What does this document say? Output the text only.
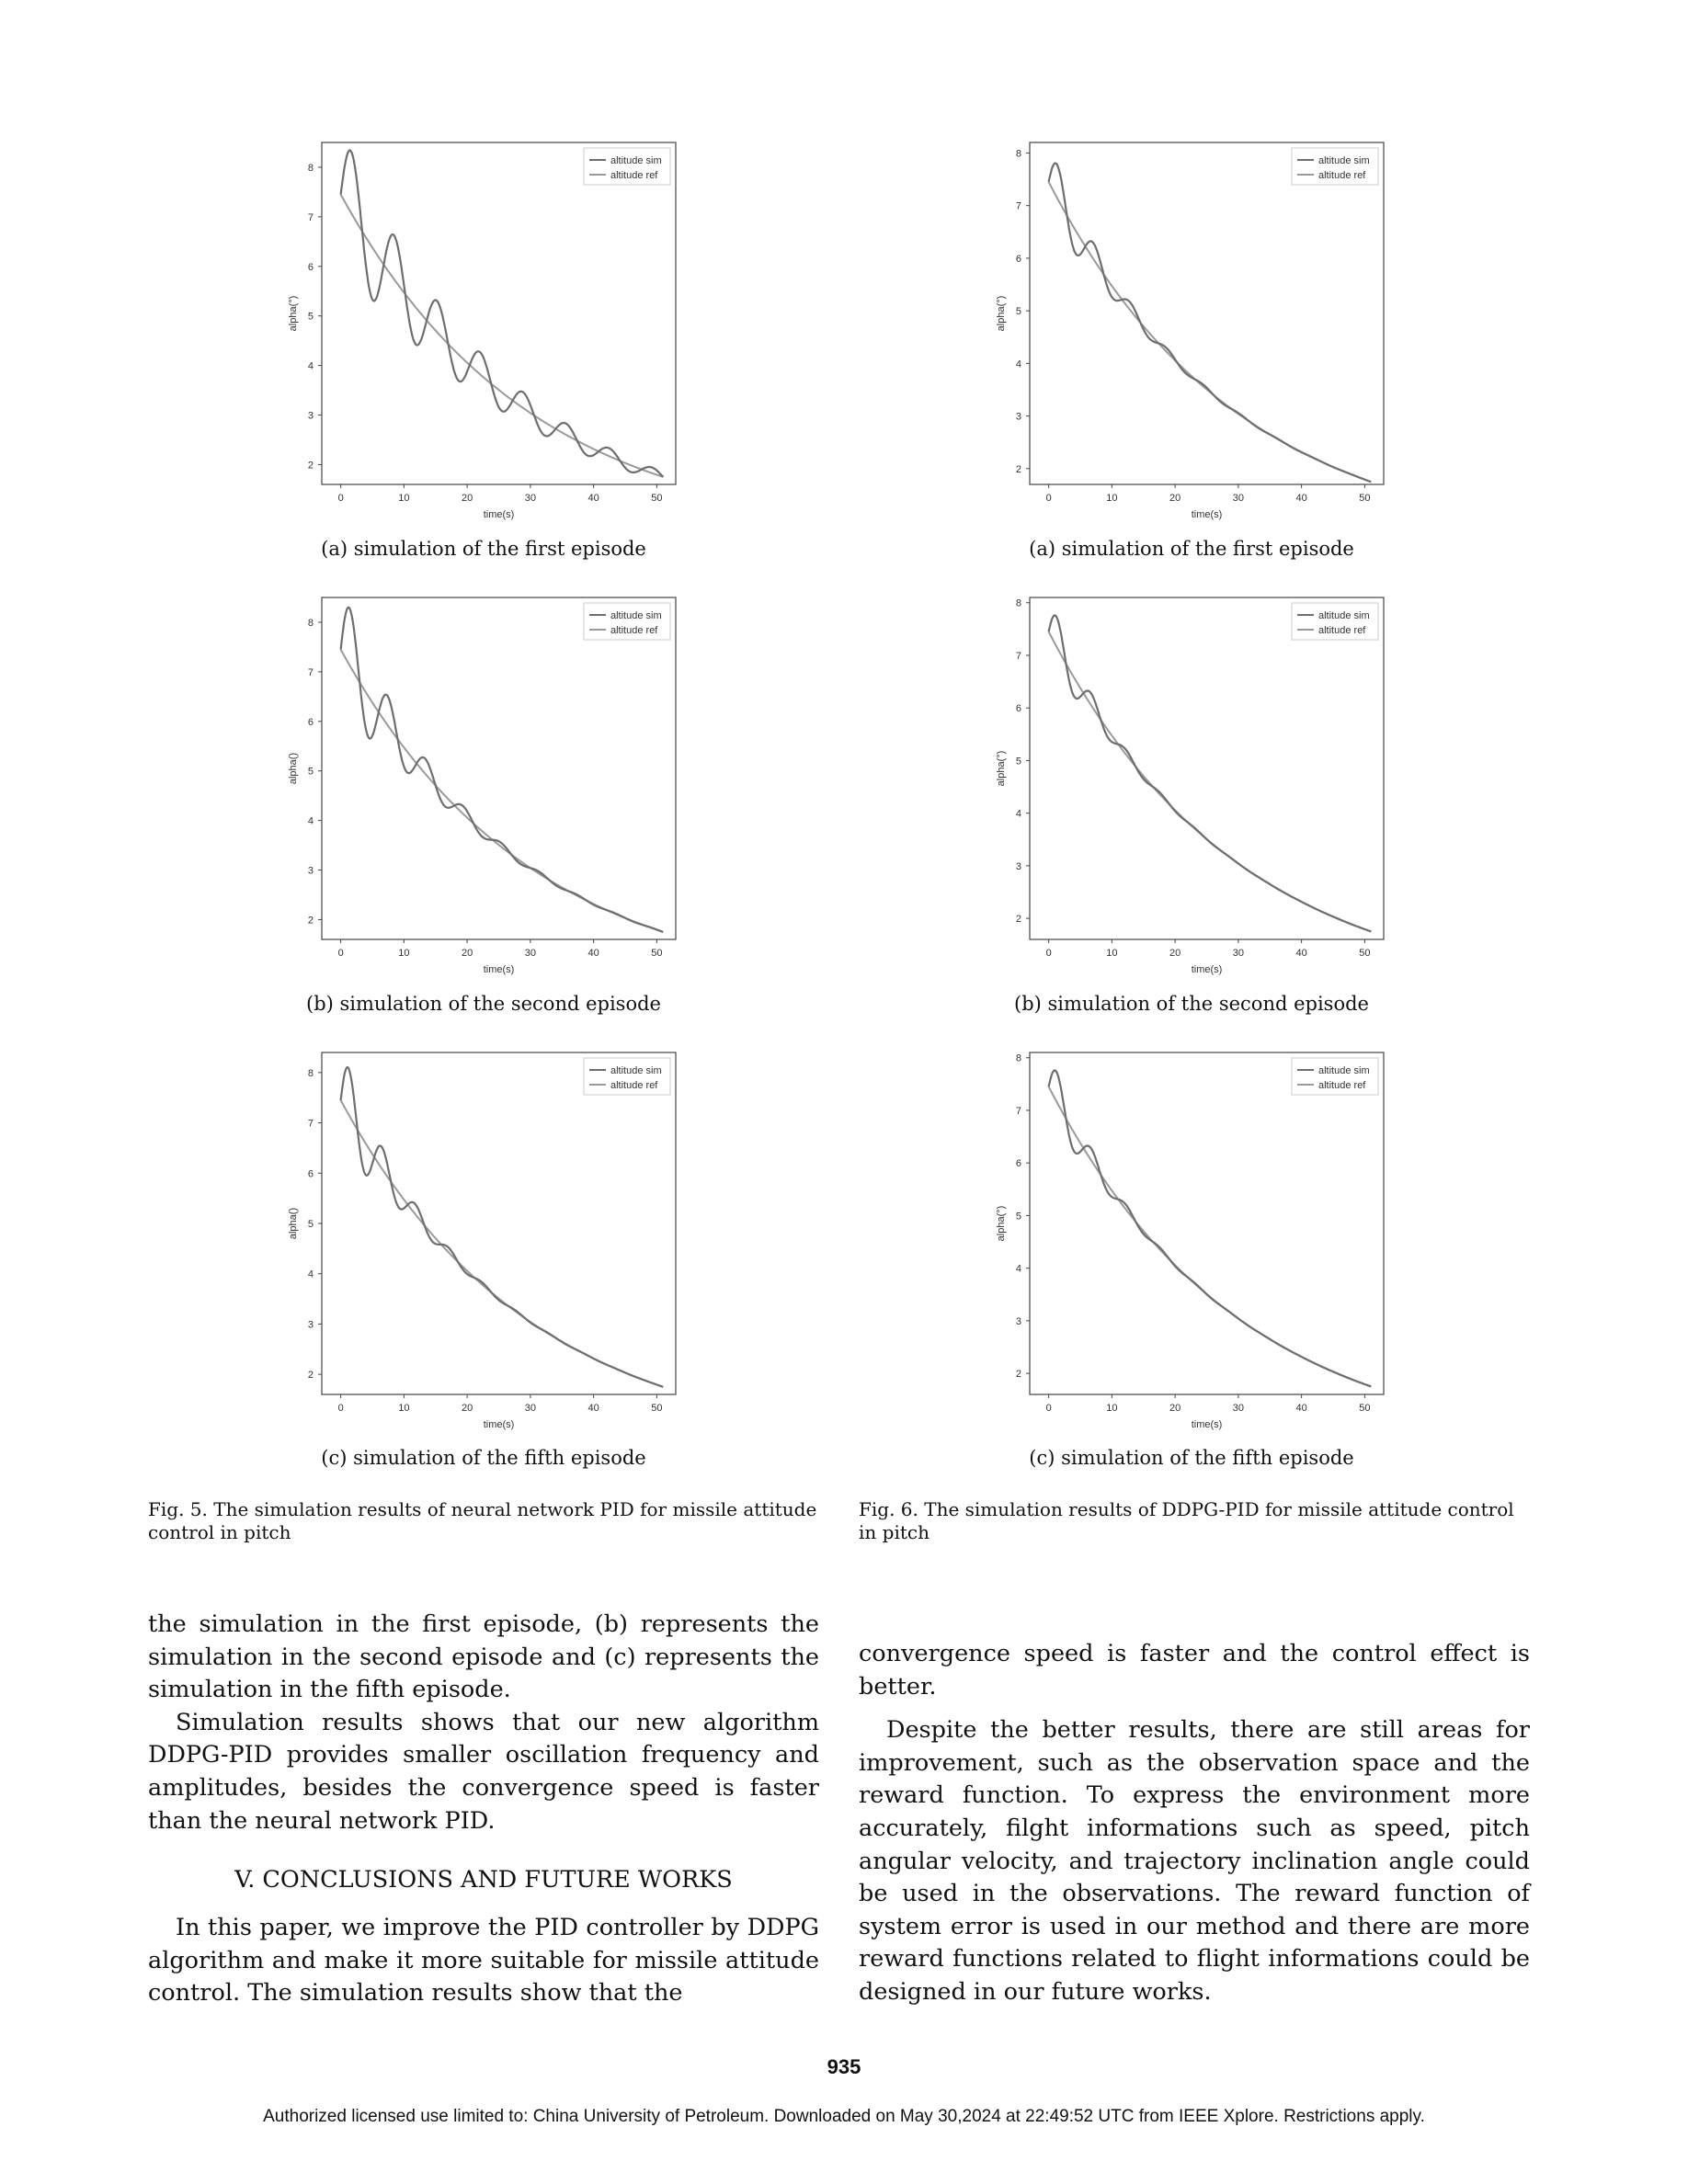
0	10	20	30	40	50
2
3
4
5
6
7
8
time(s)
alpha(°)
altitude sim
altitude ref
0	10	20	30	40	50
2
3
4
5
6
7
8
time(s)
alpha()
altitude sim
altitude ref
0	10	20	30	40	50
2
3
4
5
6
7
8
time(s)
alpha()
altitude sim
altitude ref
0	10	20	30	40	50
2
3
4
5
6
7
8
time(s)
alpha(°)
altitude sim
altitude ref
0	10	20	30	40	50
2
3
4
5
6
7
8
time(s)
alpha(°)
altitude sim
altitude ref
0	10	20	30	40	50
2
3
4
5
6
7
8
time(s)
alpha(°)
altitude sim
altitude ref
(a) simulation of the first episode
(b) simulation of the second episode
(c) simulation of the fifth episode
(a) simulation of the first episode
(b) simulation of the second episode
(c) simulation of the fifth episode
Fig. 5. The simulation results of neural network PID for missile attitude control in pitch
Fig. 6. The simulation results of DDPG-PID for missile attitude control in pitch

the simulation in the first episode, (b) represents the simulation in the second episode and (c) represents the simulation in the fifth episode.

Simulation results shows that our new algorithm DDPG-PID provides smaller oscillation frequency and amplitudes, besides the convergence speed is faster than the neural network PID.

V. CONCLUSIONS AND FUTURE WORKS

In this paper, we improve the PID controller by DDPG algorithm and make it more suitable for missile attitude control. The simulation results show that the

convergence speed is faster and the control effect is better.

Despite the better results, there are still areas for improvement, such as the observation space and the reward function. To express the environment more accurately, filght informations such as speed, pitch angular velocity, and trajectory inclination angle could be used in the observations. The reward function of system error is used in our method and there are more reward functions related to flight informations could be designed in our future works.

935
Authorized licensed use limited to: China University of Petroleum. Downloaded on May 30,2024 at 22:49:52 UTC from IEEE Xplore. Restrictions apply.
